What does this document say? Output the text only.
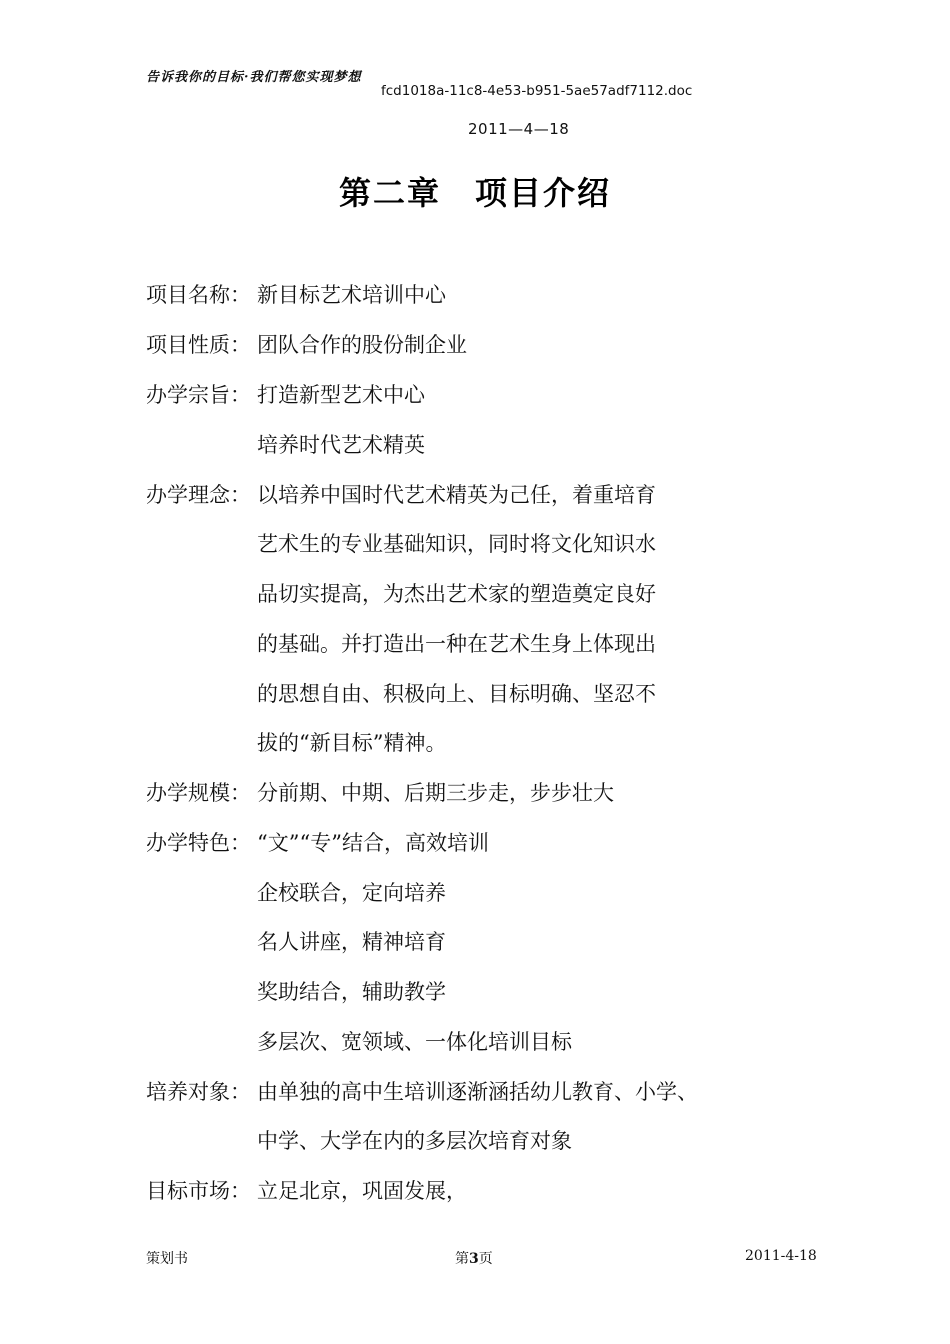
告诉我你的目标·我们帮您实现梦想
fcd1018a-11c8-4e53-b951-5ae57adf7112.doc
2011—4—18
第二章　项目介绍
项目名称： 新目标艺术培训中心
项目性质： 团队合作的股份制企业
办学宗旨： 打造新型艺术中心
培养时代艺术精英
办学理念： 以培养中国时代艺术精英为己任，着重培育
艺术生的专业基础知识，同时将文化知识水
品切实提高，为杰出艺术家的塑造奠定良好
的基础。并打造出一种在艺术生身上体现出
的思想自由、积极向上、目标明确、坚忍不
拔的“新目标”精神。
办学规模： 分前期、中期、后期三步走，步步壮大
办学特色： “文”“专”结合，高效培训
企校联合，定向培养
名人讲座，精神培育
奖助结合，辅助教学
多层次、宽领域、一体化培训目标
培养对象： 由单独的高中生培训逐渐涵括幼儿教育、小学、
中学、大学在内的多层次培育对象
目标市场： 立足北京，巩固发展，
策划书	第3页	2011-4-18
